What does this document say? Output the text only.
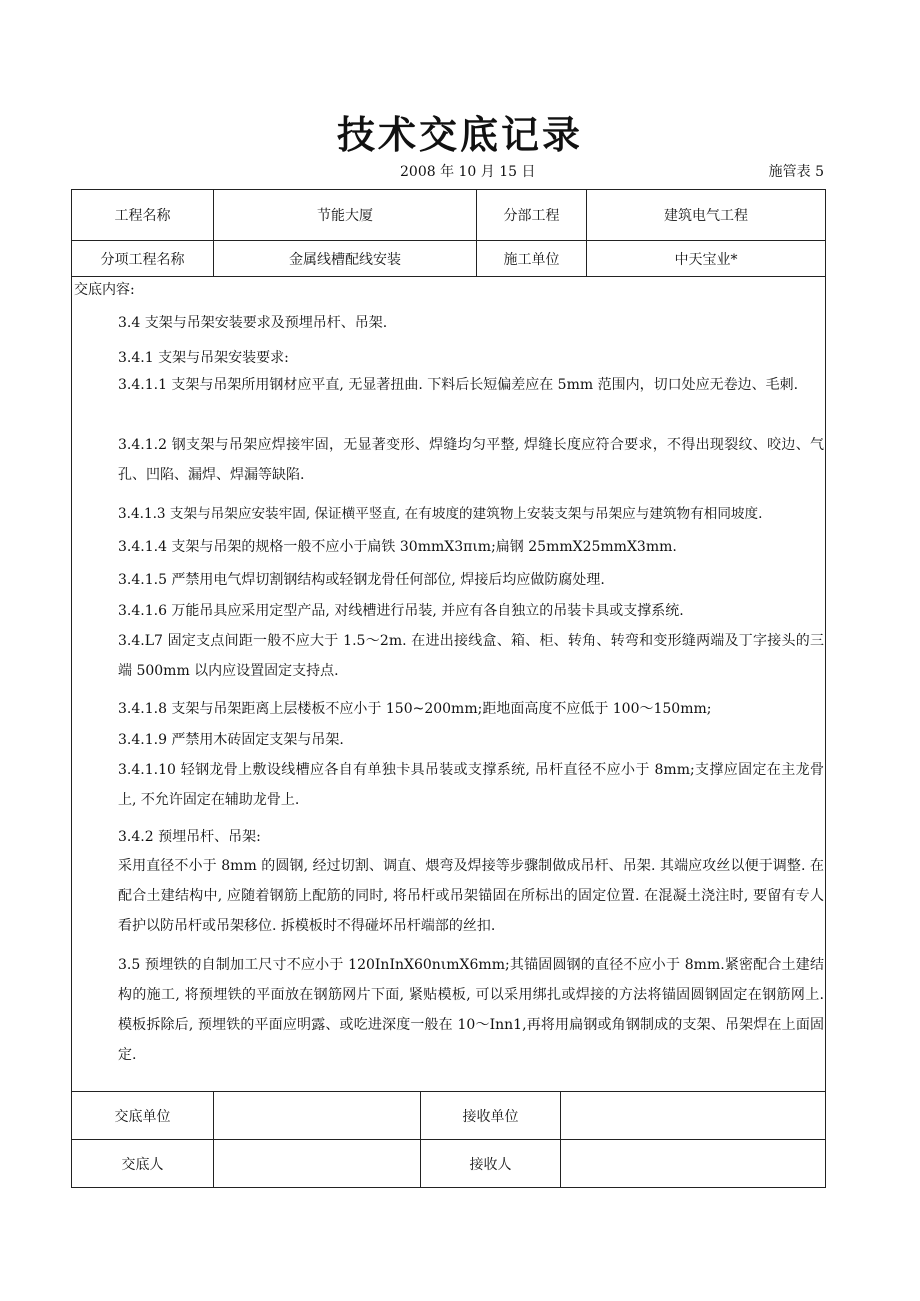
技术交底记录
2008 年 10 月 15 日	施管表 5
工程名称	节能大厦	分部工程	建筑电气工程
分项工程名称	金属线槽配线安装	施工单位	中天宝业*
交底内容:
3.4 支架与吊架安装要求及预埋吊杆、吊架.
3.4.1 支架与吊架安装要求:
3.4.1.1 支架与吊架所用钢材应平直, 无显著扭曲. 下料后长短偏差应在 5mm 范围内，切口处应无卷边、毛刺.
3.4.1.2 钢支架与吊架应焊接牢固，无显著变形、焊缝均匀平整, 焊缝长度应符合要求，不得出现裂纹、咬边、气孔、凹陷、漏焊、焊漏等缺陷.
3.4.1.3 支架与吊架应安装牢固, 保证横平竖直, 在有坡度的建筑物上安装支架与吊架应与建筑物有相同坡度.
3.4.1.4 支架与吊架的规格一般不应小于扁铁 30mmX3πιm;扁钢 25mmX25mmX3mm.
3.4.1.5 严禁用电气焊切割钢结构或轻钢龙骨任何部位, 焊接后均应做防腐处理.
3.4.1.6 万能吊具应采用定型产品, 对线槽进行吊装, 并应有各自独立的吊装卡具或支撑系统.
3.4.L7 固定支点间距一般不应大于 1.5～2m. 在进出接线盒、箱、柜、转角、转弯和变形缝两端及丁字接头的三端 500mm 以内应设置固定支持点.
3.4.1.8 支架与吊架距离上层楼板不应小于 150~200mm;距地面高度不应低于 100～150mm;
3.4.1.9 严禁用木砖固定支架与吊架.
3.4.1.10 轻钢龙骨上敷设线槽应各自有单独卡具吊装或支撑系统, 吊杆直径不应小于 8mm;支撑应固定在主龙骨上, 不允许固定在辅助龙骨上.
3.4.2 预埋吊杆、吊架:
采用直径不小于 8mm 的圆钢, 经过切割、调直、煨弯及焊接等步骤制做成吊杆、吊架. 其端应攻丝以便于调整. 在配合土建结构中, 应随着钢筋上配筋的同时, 将吊杆或吊架锚固在所标出的固定位置. 在混凝土浇注时, 要留有专人看护以防吊杆或吊架移位. 拆模板时不得碰坏吊杆端部的丝扣.
3.5 预埋铁的自制加工尺寸不应小于 120InInX60nιmX6mm;其锚固圆钢的直径不应小于 8mm.紧密配合土建结构的施工, 将预埋铁的平面放在钢筋网片下面, 紧贴模板, 可以采用绑扎或焊接的方法将锚固圆钢固定在钢筋网上. 模板拆除后, 预埋铁的平面应明露、或吃进深度一般在 10～Inn1,再将用扁钢或角钢制成的支架、吊架焊在上面固定.
交底单位	接收单位
交底人	接收人
